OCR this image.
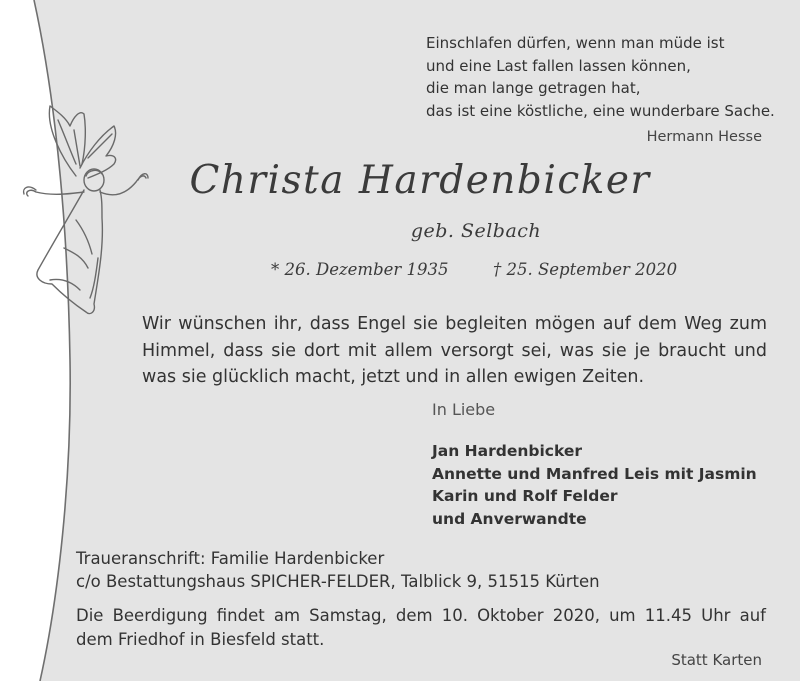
Einschlafen dürfen, wenn man müde ist
und eine Last fallen lassen können,
die man lange getragen hat,
das ist eine köstliche, eine wunderbare Sache.
Hermann Hesse
Christa Hardenbicker
geb. Selbach
* 26. Dezember 1935	† 25. September 2020
Wir wünschen ihr, dass Engel sie begleiten mögen auf dem Weg zum
Himmel, dass sie dort mit allem versorgt sei, was sie je braucht und
was sie glücklich macht, jetzt und in allen ewigen Zeiten.
In Liebe
Jan Hardenbicker
Annette und Manfred Leis mit Jasmin
Karin und Rolf Felder
und Anverwandte
Traueranschrift: Familie Hardenbicker
c/o Bestattungshaus SPICHER-FELDER, Talblick 9, 51515 Kürten
Die Beerdigung findet am Samstag, dem 10. Oktober 2020, um 11.45 Uhr auf
dem Friedhof in Biesfeld statt.
Statt Karten
